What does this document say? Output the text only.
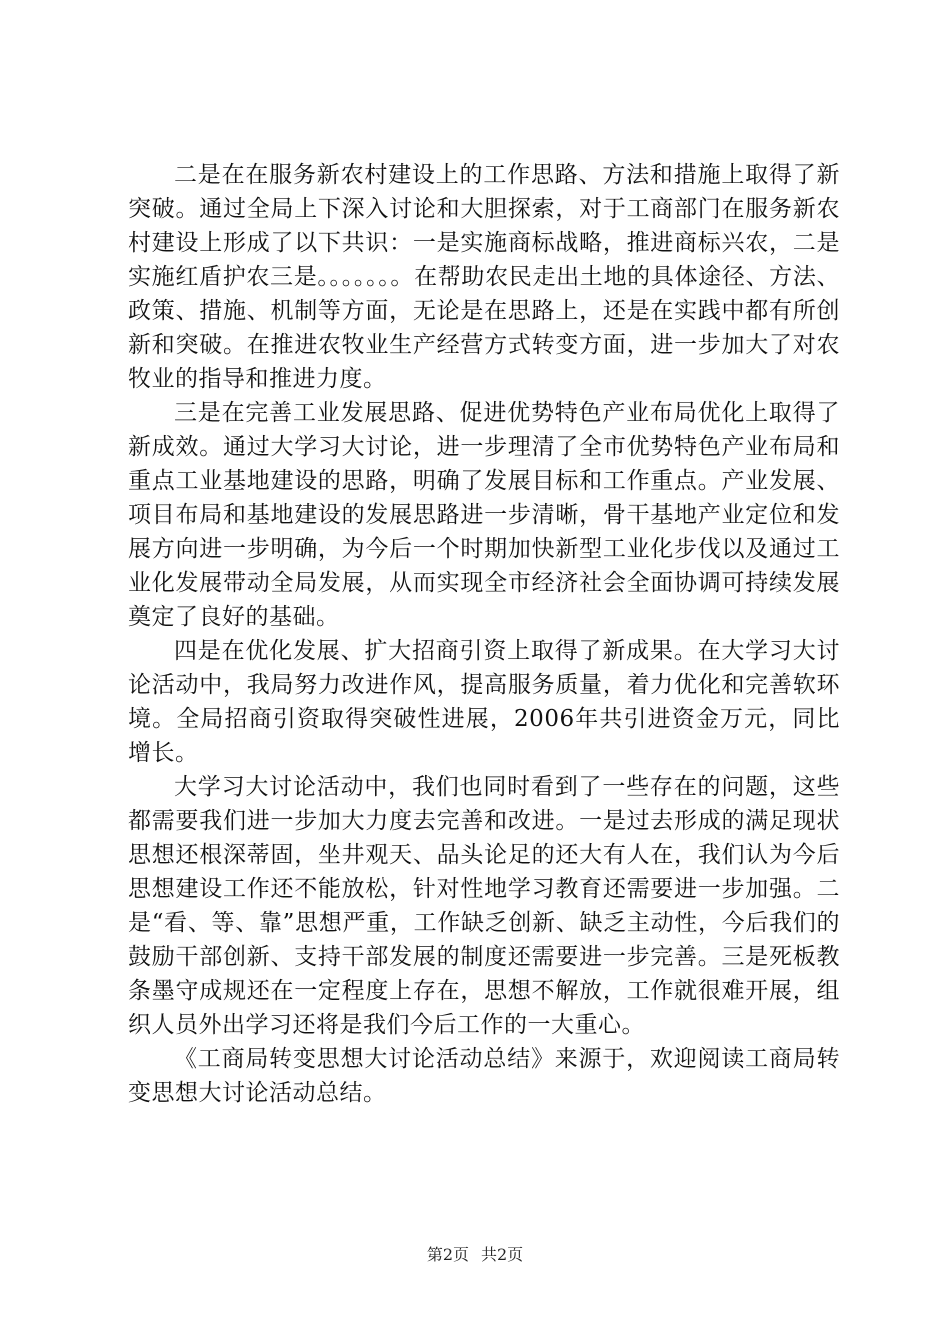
二是在在服务新农村建设上的工作思路、方法和措施上取得了新突破。通过全局上下深入讨论和大胆探索，对于工商部门在服务新农村建设上形成了以下共识：一是实施商标战略，推进商标兴农，二是实施红盾护农三是。。。。。。。在帮助农民走出土地的具体途径、方法、政策、措施、机制等方面，无论是在思路上，还是在实践中都有所创新和突破。在推进农牧业生产经营方式转变方面，进一步加大了对农牧业的指导和推进力度。

三是在完善工业发展思路、促进优势特色产业布局优化上取得了新成效。通过大学习大讨论，进一步理清了全市优势特色产业布局和重点工业基地建设的思路，明确了发展目标和工作重点。产业发展、项目布局和基地建设的发展思路进一步清晰，骨干基地产业定位和发展方向进一步明确，为今后一个时期加快新型工业化步伐以及通过工业化发展带动全局发展，从而实现全市经济社会全面协调可持续发展奠定了良好的基础。

四是在优化发展、扩大招商引资上取得了新成果。在大学习大讨论活动中，我局努力改进作风，提高服务质量，着力优化和完善软环境。全局招商引资取得突破性进展，2006年共引进资金万元，同比增长。

大学习大讨论活动中，我们也同时看到了一些存在的问题，这些都需要我们进一步加大力度去完善和改进。一是过去形成的满足现状思想还根深蒂固，坐井观天、品头论足的还大有人在，我们认为今后思想建设工作还不能放松，针对性地学习教育还需要进一步加强。二是“看、等、靠”思想严重，工作缺乏创新、缺乏主动性，今后我们的鼓励干部创新、支持干部发展的制度还需要进一步完善。三是死板教条墨守成规还在一定程度上存在，思想不解放，工作就很难开展，组织人员外出学习还将是我们今后工作的一大重心。

《工商局转变思想大讨论活动总结》来源于，欢迎阅读工商局转变思想大讨论活动总结。

第2页 共2页
